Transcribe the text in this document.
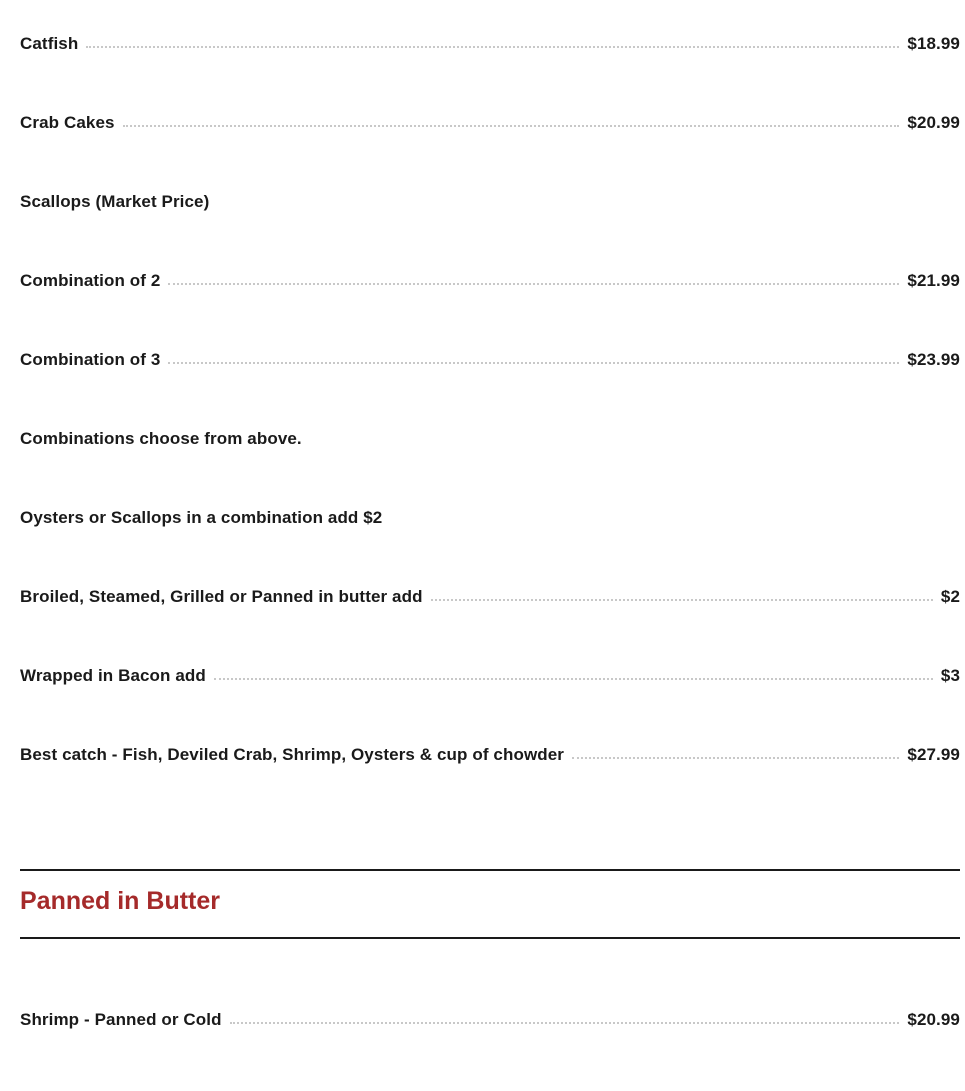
Catfish	$18.99
Crab Cakes	$20.99
Scallops (Market Price)
Combination of 2	$21.99
Combination of 3	$23.99
Combinations choose from above.
Oysters or Scallops in a combination add $2
Broiled, Steamed, Grilled or Panned in butter add	$2
Wrapped in Bacon add	$3
Best catch - Fish, Deviled Crab, Shrimp, Oysters & cup of chowder	$27.99
Shrimp - Panned or Cold	$20.99
Panned in Butter
